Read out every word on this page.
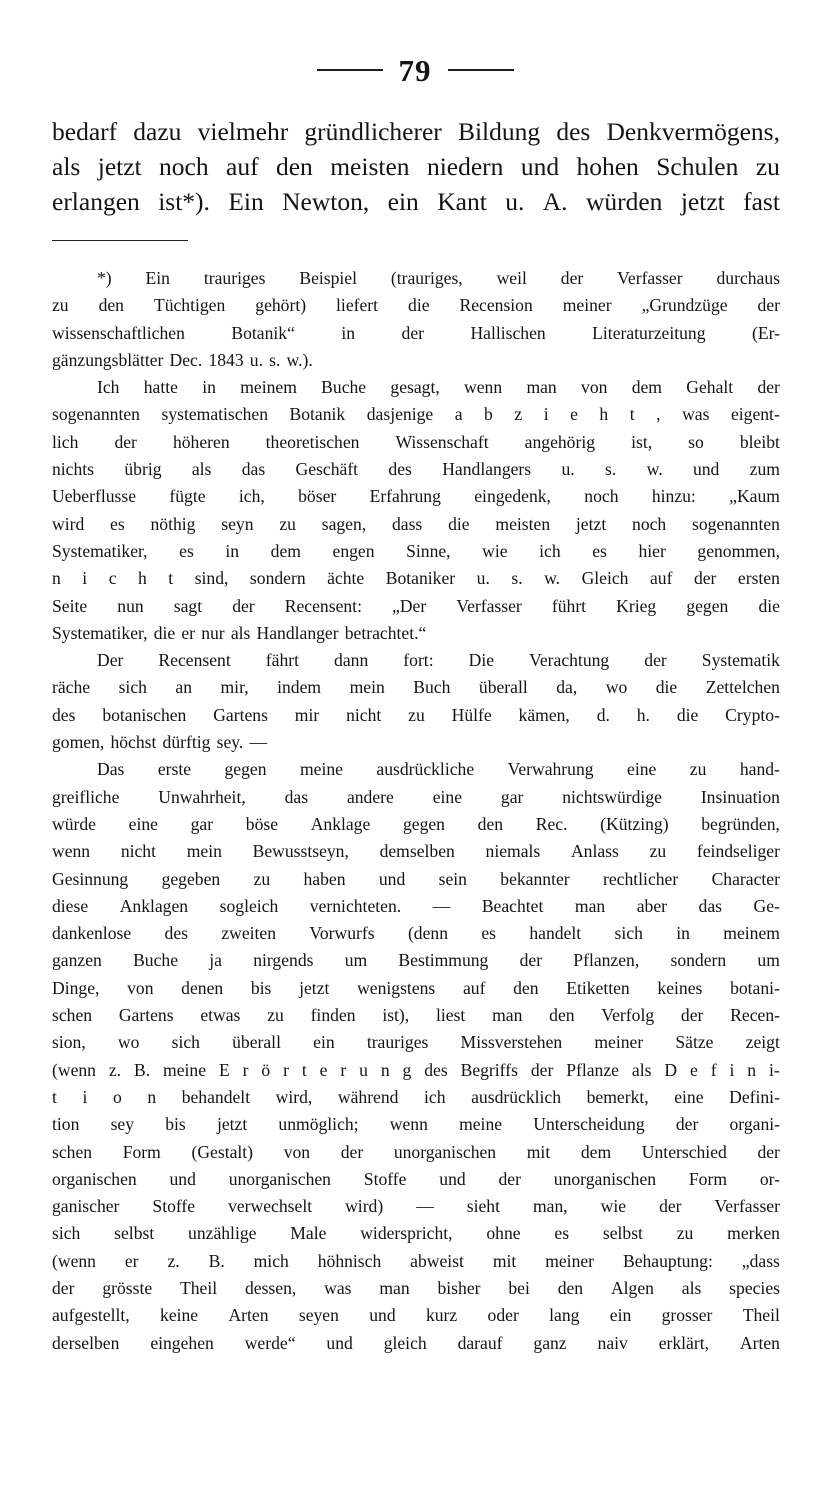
79
bedarf dazu vielmehr gründlicherer Bildung des Denkvermögens,
als jetzt noch auf den meisten niedern und hohen Schulen zu
erlangen ist*). Ein Newton, ein Kant u. A. würden jetzt fast
*) Ein trauriges Beispiel (trauriges, weil der Verfasser durchaus
zu den Tüchtigen gehört) liefert die Recension meiner „Grundzüge der
wissenschaftlichen	Botanik“	in	der	Hallischen	Literaturzeitung	(Er-
gänzungsblätter Dec. 1843 u. s. w.).
Ich hatte in meinem Buche gesagt, wenn man von dem Gehalt der
sogenannten systematischen Botanik dasjenige a b z i e h t , was eigent-
lich der höheren theoretischen Wissenschaft angehörig ist, so bleibt
nichts übrig als das Geschäft des Handlangers u. s. w. und zum
Ueberflusse fügte ich, böser Erfahrung eingedenk, noch hinzu: „Kaum
wird es nöthig seyn zu sagen, dass die meisten jetzt noch sogenannten
Systematiker, es in dem engen Sinne, wie ich es hier genommen,
n i c h t sind, sondern ächte Botaniker u. s. w. Gleich auf der ersten
Seite nun sagt der Recensent: „Der Verfasser führt Krieg gegen die
Systematiker, die er nur als Handlanger betrachtet.“
Der Recensent fährt dann fort: Die Verachtung der Systematik
räche sich an mir, indem mein Buch überall da, wo die Zettelchen
des botanischen Gartens mir nicht zu Hülfe kämen, d. h. die Crypto-
gomen, höchst dürftig sey. —
Das erste gegen meine ausdrückliche Verwahrung eine zu hand-
greifliche Unwahrheit, das andere eine gar nichtswürdige Insinuation
würde eine gar böse Anklage gegen den Rec. (Kützing) begründen,
wenn nicht mein Bewusstseyn, demselben niemals Anlass zu feindseliger
Gesinnung gegeben zu haben und sein bekannter rechtlicher Character
diese Anklagen sogleich vernichteten. — Beachtet man aber das Ge-
dankenlose des zweiten Vorwurfs (denn es handelt sich in meinem
ganzen Buche ja nirgends um Bestimmung der Pflanzen, sondern um
Dinge, von denen bis jetzt wenigstens auf den Etiketten keines botani-
schen Gartens etwas zu finden ist), liest man den Verfolg der Recen-
sion, wo sich überall ein trauriges Missverstehen meiner Sätze zeigt
(wenn z. B. meine E r ö r t e r u n g des Begriffs der Pflanze als D e f i n i-
t i o n behandelt wird, während ich ausdrücklich bemerkt, eine Defini-
tion sey bis jetzt unmöglich; wenn meine Unterscheidung der organi-
schen Form (Gestalt) von der unorganischen mit dem Unterschied der
organischen und unorganischen Stoffe und der unorganischen Form or-
ganischer Stoffe verwechselt wird) — sieht man, wie der Verfasser
sich selbst unzählige Male widerspricht, ohne es selbst zu merken
(wenn er z. B. mich höhnisch abweist mit meiner Behauptung: „dass
der grösste Theil dessen, was man bisher bei den Algen als species
aufgestellt, keine Arten seyen und kurz oder lang ein grosser Theil
derselben eingehen werde“ und gleich darauf ganz naiv erklärt, Arten
